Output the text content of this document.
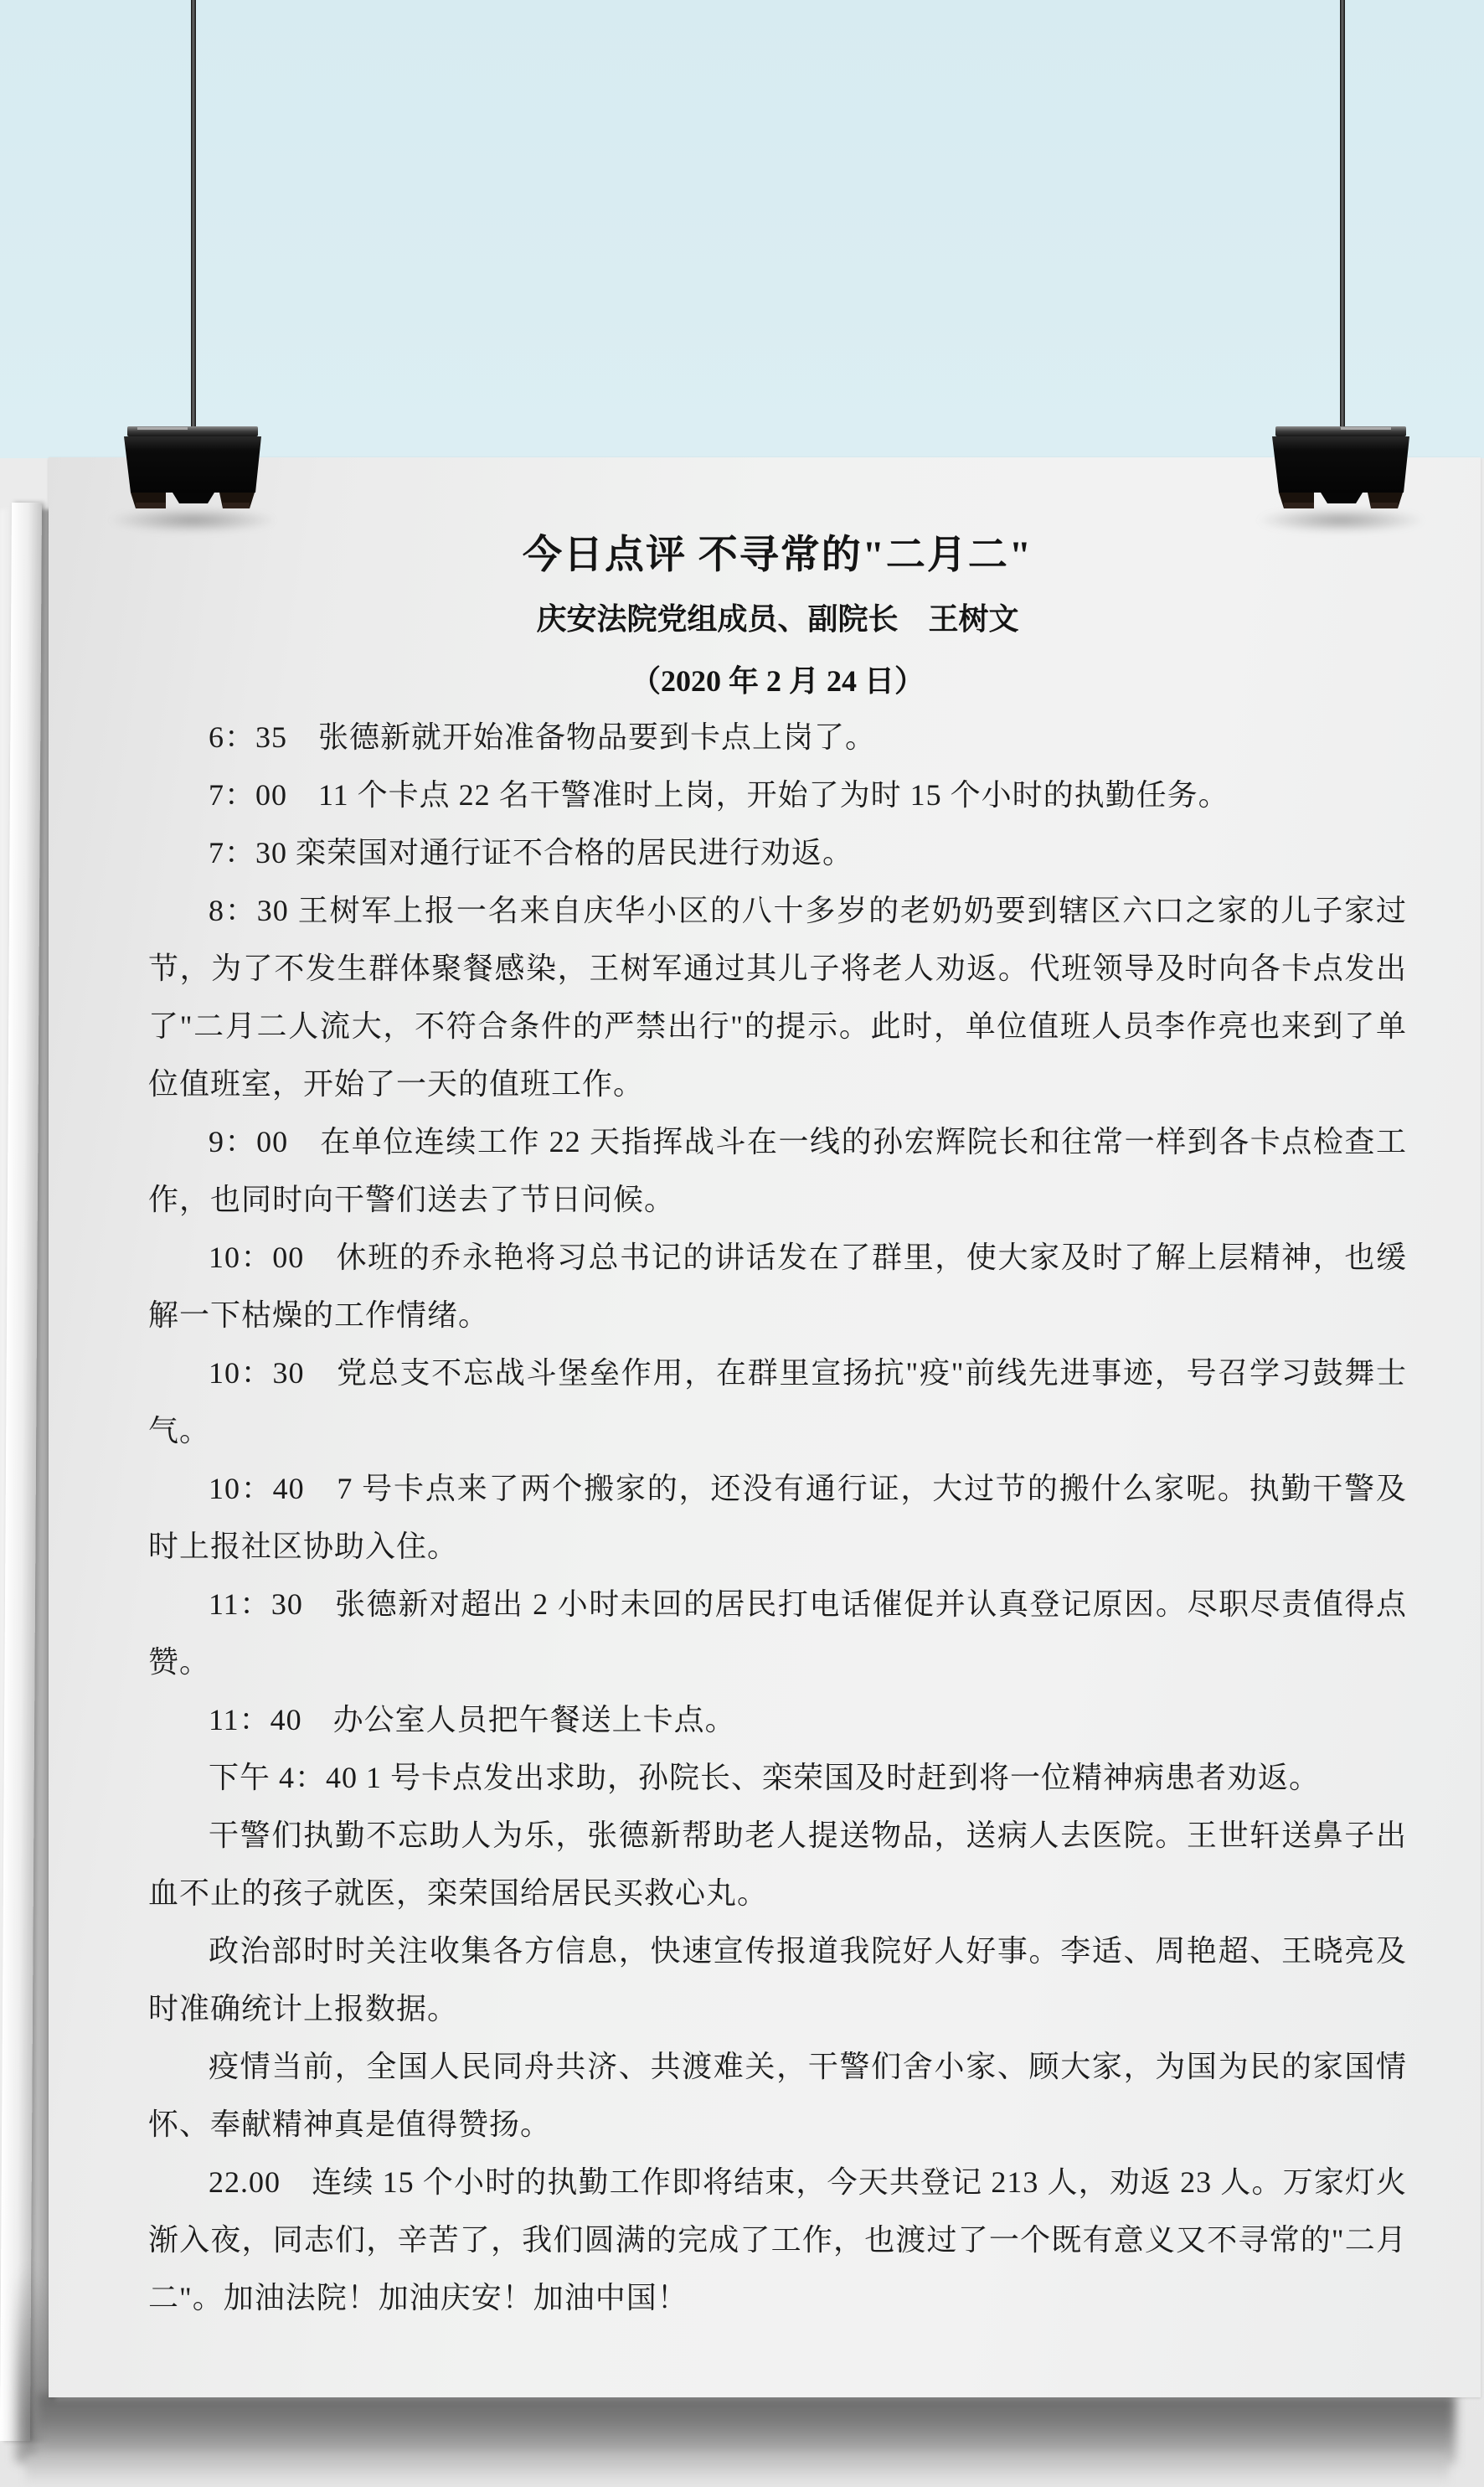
今日点评 不寻常的"二月二"
庆安法院党组成员、副院长　王树文
（2020 年 2 月 24 日）

6：35　张德新就开始准备物品要到卡点上岗了。

7：00　11 个卡点 22 名干警准时上岗，开始了为时 15 个小时的执勤任务。

7：30 栾荣国对通行证不合格的居民进行劝返。

8：30 王树军上报一名来自庆华小区的八十多岁的老奶奶要到辖区六口之家的儿子家过节，为了不发生群体聚餐感染，王树军通过其儿子将老人劝返。代班领导及时向各卡点发出了"二月二人流大，不符合条件的严禁出行"的提示。此时，单位值班人员李作亮也来到了单位值班室，开始了一天的值班工作。

9：00　在单位连续工作 22 天指挥战斗在一线的孙宏辉院长和往常一样到各卡点检查工作，也同时向干警们送去了节日问候。

10：00　休班的乔永艳将习总书记的讲话发在了群里，使大家及时了解上层精神，也缓解一下枯燥的工作情绪。

10：30　党总支不忘战斗堡垒作用，在群里宣扬抗"疫"前线先进事迹，号召学习鼓舞士气。

10：40　7 号卡点来了两个搬家的，还没有通行证，大过节的搬什么家呢。执勤干警及时上报社区协助入住。

11：30　张德新对超出 2 小时未回的居民打电话催促并认真登记原因。尽职尽责值得点赞。

11：40　办公室人员把午餐送上卡点。

下午 4：40 1 号卡点发出求助，孙院长、栾荣国及时赶到将一位精神病患者劝返。

干警们执勤不忘助人为乐，张德新帮助老人提送物品，送病人去医院。王世轩送鼻子出血不止的孩子就医，栾荣国给居民买救心丸。

政治部时时关注收集各方信息，快速宣传报道我院好人好事。李适、周艳超、王晓亮及时准确统计上报数据。

疫情当前，全国人民同舟共济、共渡难关，干警们舍小家、顾大家，为国为民的家国情怀、奉献精神真是值得赞扬。

22.00　连续 15 个小时的执勤工作即将结束，今天共登记 213 人，劝返 23 人。万家灯火渐入夜，同志们，辛苦了，我们圆满的完成了工作，也渡过了一个既有意义又不寻常的"二月二"。加油法院！加油庆安！加油中国！
